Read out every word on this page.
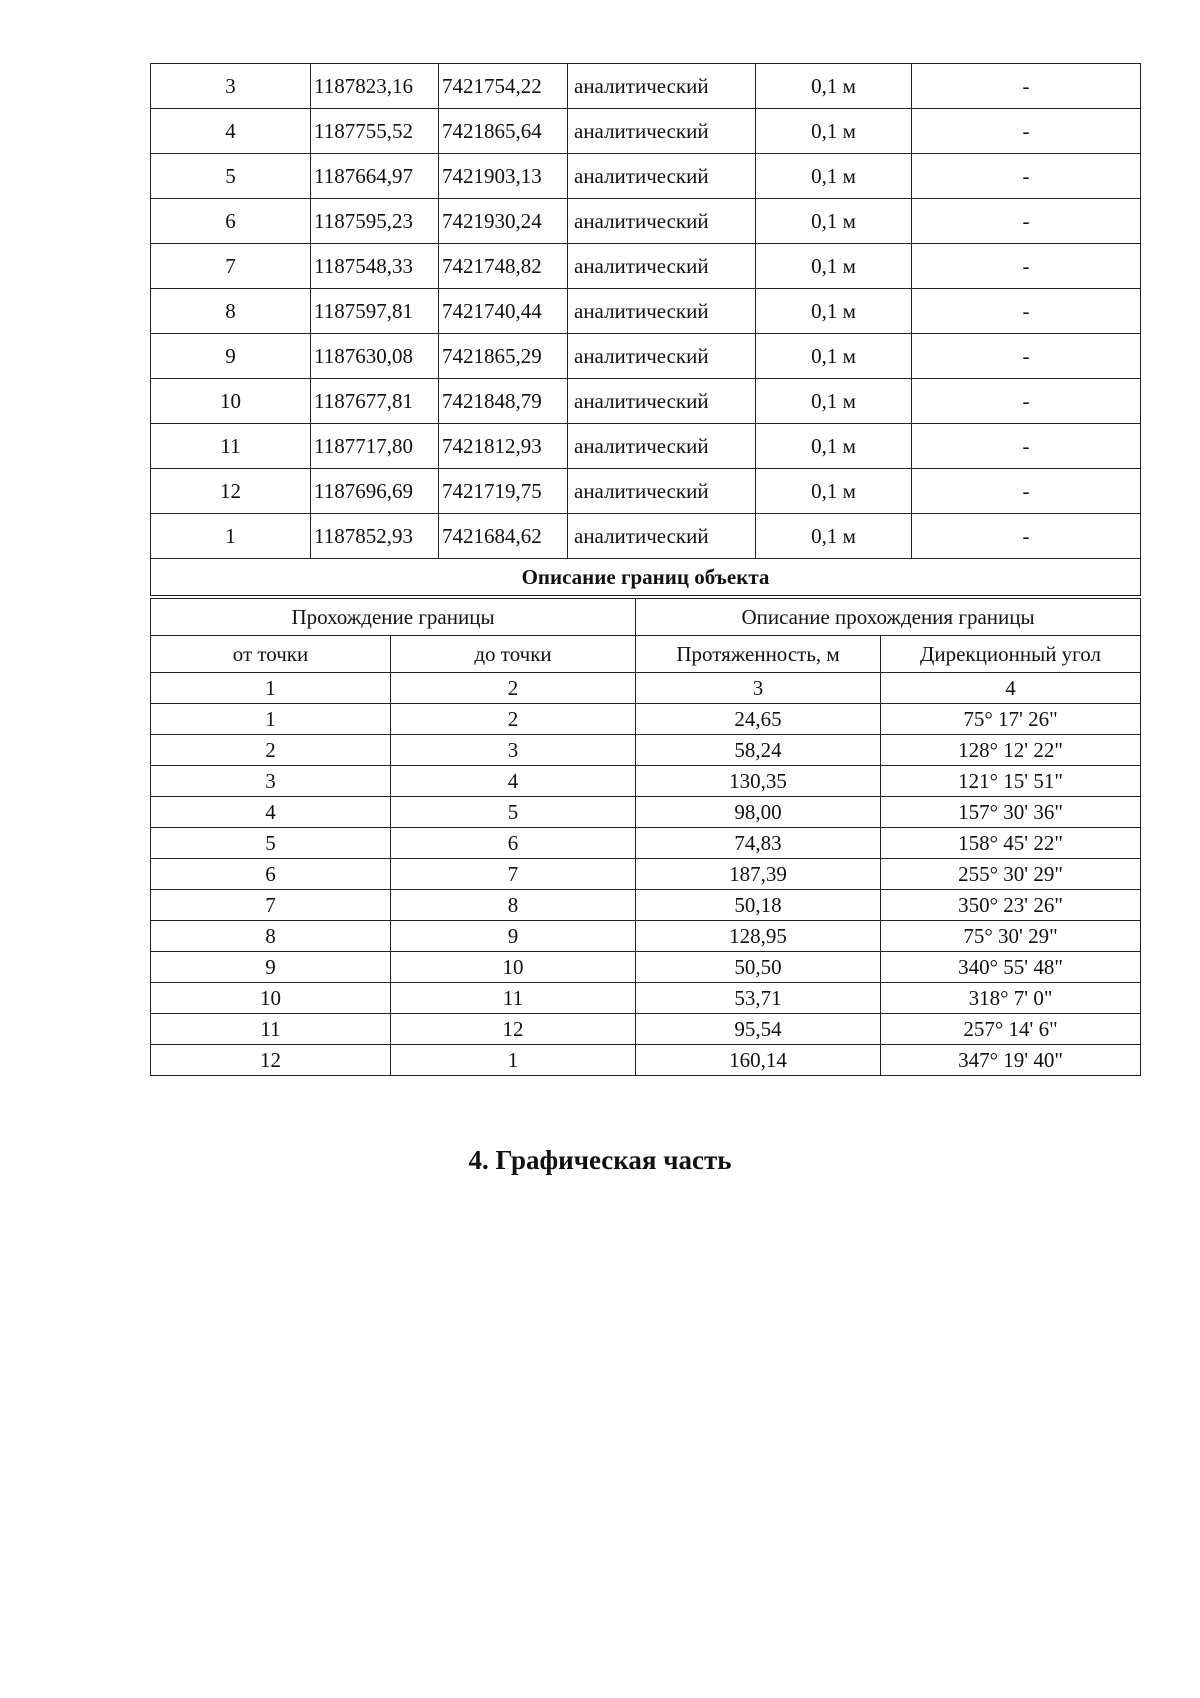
3	1187823,16	7421754,22	аналитический	0,1 м	-
4	1187755,52	7421865,64	аналитический	0,1 м	-
5	1187664,97	7421903,13	аналитический	0,1 м	-
6	1187595,23	7421930,24	аналитический	0,1 м	-
7	1187548,33	7421748,82	аналитический	0,1 м	-
8	1187597,81	7421740,44	аналитический	0,1 м	-
9	1187630,08	7421865,29	аналитический	0,1 м	-
10	1187677,81	7421848,79	аналитический	0,1 м	-
11	1187717,80	7421812,93	аналитический	0,1 м	-
12	1187696,69	7421719,75	аналитический	0,1 м	-
1	1187852,93	7421684,62	аналитический	0,1 м	-
Описание границ объекта					
Прохождение границы		Описание прохождения границы	
от точки	до точки	Протяженность, м	Дирекционный угол
1	2	3	4
1	2	24,65	75° 17' 26"
2	3	58,24	128° 12' 22"
3	4	130,35	121° 15' 51"
4	5	98,00	157° 30' 36"
5	6	74,83	158° 45' 22"
6	7	187,39	255° 30' 29"
7	8	50,18	350° 23' 26"
8	9	128,95	75° 30' 29"
9	10	50,50	340° 55' 48"
10	11	53,71	318° 7' 0"
11	12	95,54	257° 14' 6"
12	1	160,14	347° 19' 40"
4. Графическая часть
